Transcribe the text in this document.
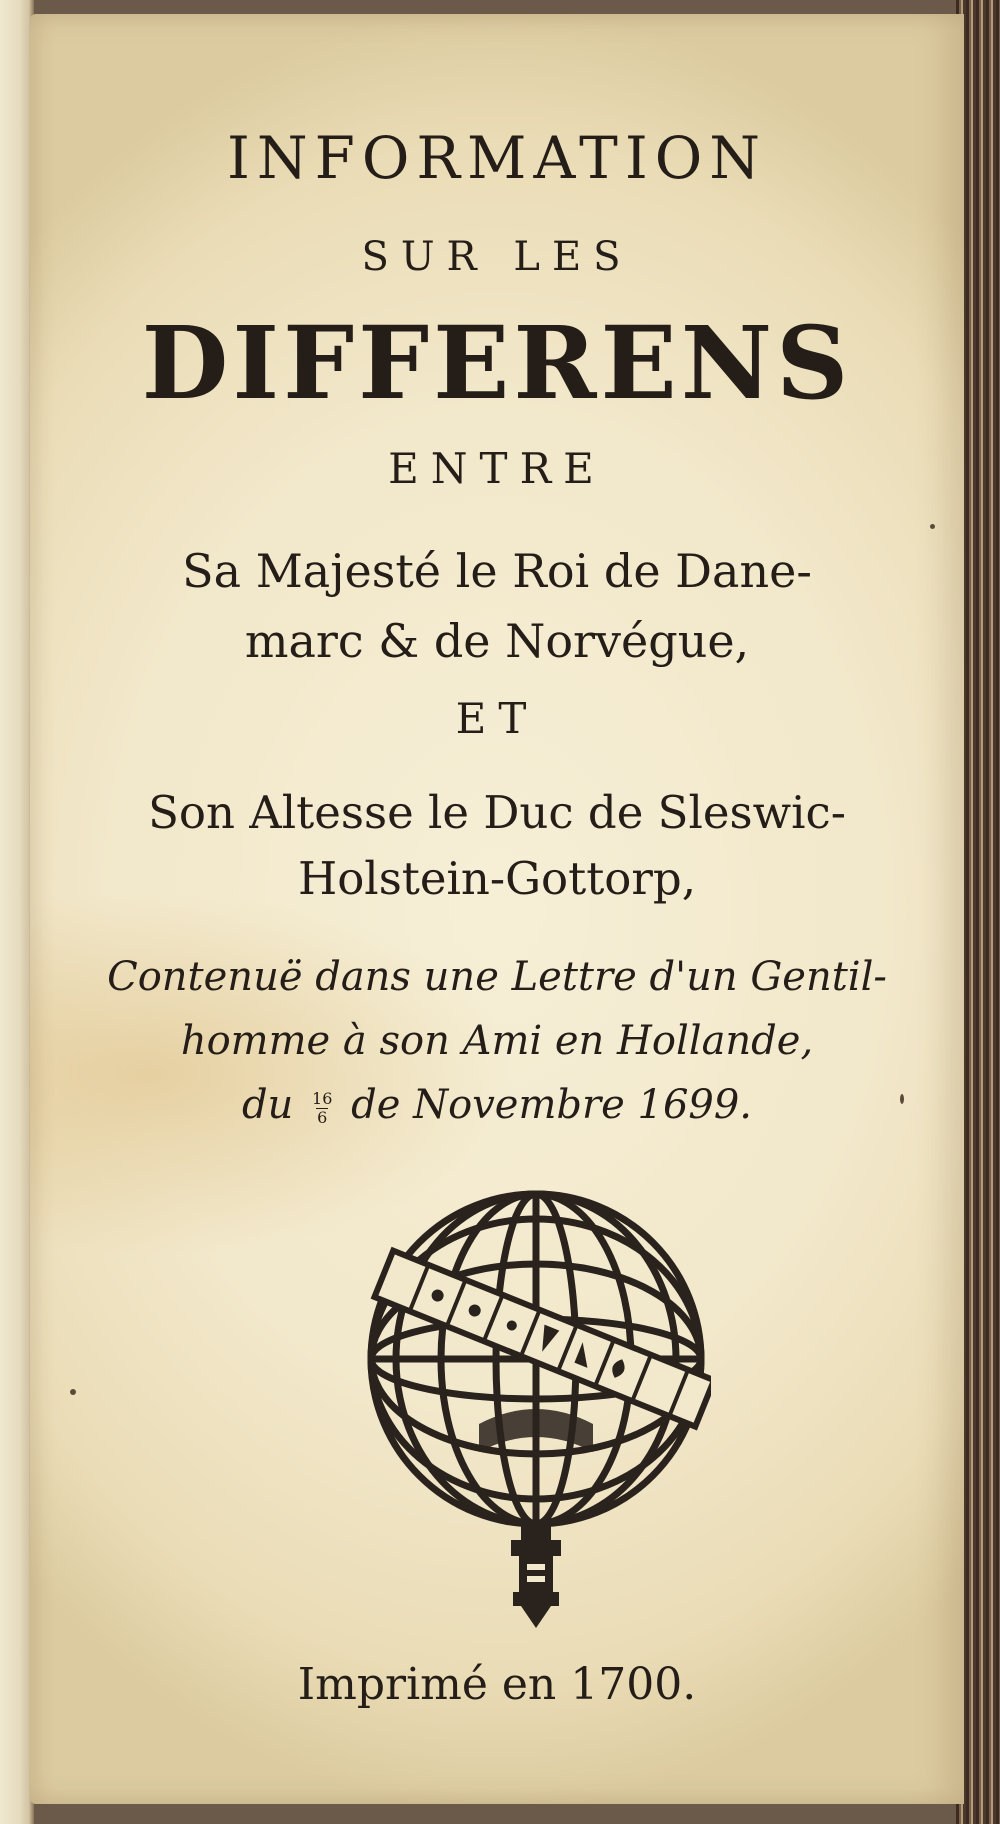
INFORMATION

SUR LES

DIFFERENS

ENTRE

Sa Majesté le Roi de Dane-

marc & de Norvégue,

ET

Son Altesse le Duc de Sleswic-

Holstein-Gottorp,

Contenuë dans une Lettre d'un Gentil-

homme à son Ami en Hollande,

du $\frac{16}{6}$ de Novembre 1699.

Imprimé en 1700.
